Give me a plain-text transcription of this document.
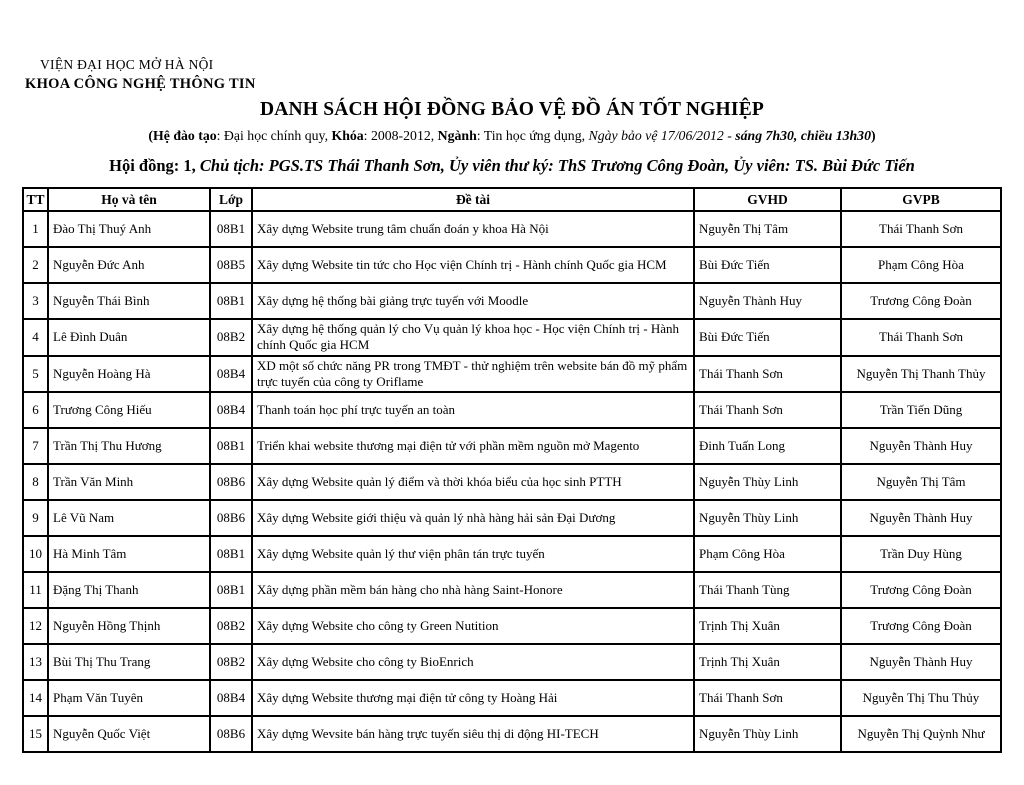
VIỆN ĐẠI HỌC MỞ HÀ NỘI
KHOA CÔNG NGHỆ THÔNG TIN
DANH SÁCH HỘI ĐỒNG BẢO VỆ ĐỒ ÁN TỐT NGHIỆP
(Hệ đào tạo: Đại học chính quy, Khóa: 2008-2012, Ngành: Tin học ứng dụng, Ngày bảo vệ 17/06/2012 - sáng 7h30, chiều 13h30)
Hội đồng: 1, Chủ tịch: PGS.TS Thái Thanh Sơn, Ủy viên thư ký: ThS Trương Công Đoàn, Ủy viên: TS. Bùi Đức Tiến
TT	Họ và tên	Lớp	Đề tài	GVHD	GVPB
1	Đào Thị Thuý Anh	08B1	Xây dựng Website trung tâm chuẩn đoán y khoa Hà Nội	Nguyễn Thị Tâm	Thái Thanh Sơn
2	Nguyễn Đức Anh	08B5	Xây dựng Website tin tức cho Học viện Chính trị - Hành chính Quốc gia HCM	Bùi Đức Tiến	Phạm Công Hòa
3	Nguyễn Thái Bình	08B1	Xây dựng hệ thống bài giảng trực tuyến với Moodle	Nguyễn Thành Huy	Trương Công Đoàn
4	Lê Đình Duân	08B2	Xây dựng hệ thống quản lý cho Vụ quản lý khoa học - Học viện Chính trị - Hành chính Quốc gia HCM	Bùi Đức Tiến	Thái Thanh Sơn
5	Nguyễn Hoàng Hà	08B4	XD một số chức năng PR trong TMĐT - thử nghiệm trên website bán đồ mỹ phẩm trực tuyến của công ty Oriflame	Thái Thanh Sơn	Nguyễn Thị Thanh Thủy
6	Trương Công Hiếu	08B4	Thanh toán học phí trực tuyến an toàn	Thái Thanh Sơn	Trần Tiến Dũng
7	Trần Thị Thu Hương	08B1	Triển khai website thương mại điện tử với phần mềm nguồn mở Magento	Đinh Tuấn Long	Nguyễn Thành Huy
8	Trần Văn Minh	08B6	Xây dựng Website quản lý điểm và thời khóa biểu của học sinh PTTH	Nguyễn Thùy Linh	Nguyễn Thị Tâm
9	Lê Vũ Nam	08B6	Xây dựng Website giới thiệu và quản lý nhà hàng hải sản Đại Dương	Nguyễn Thùy Linh	Nguyễn Thành Huy
10	Hà Minh Tâm	08B1	Xây dựng Website quản lý thư viện phân tán trực tuyến	Phạm Công Hòa	Trần Duy Hùng
11	Đặng Thị Thanh	08B1	Xây dựng phần mềm bán hàng cho nhà hàng Saint-Honore	Thái Thanh Tùng	Trương Công Đoàn
12	Nguyễn Hồng Thịnh	08B2	Xây dựng Website cho công ty Green Nutition	Trịnh Thị Xuân	Trương Công Đoàn
13	Bùi Thị Thu Trang	08B2	Xây dựng Website cho công ty BioEnrich	Trịnh Thị Xuân	Nguyễn Thành Huy
14	Phạm Văn Tuyên	08B4	Xây dựng Website thương mại điện tử công ty Hoàng Hải	Thái Thanh Sơn	Nguyễn Thị Thu Thủy
15	Nguyễn Quốc Việt	08B6	Xây dựng Wevsite bán hàng trực tuyến siêu thị di động HI-TECH	Nguyễn Thùy Linh	Nguyễn Thị Quỳnh Như
